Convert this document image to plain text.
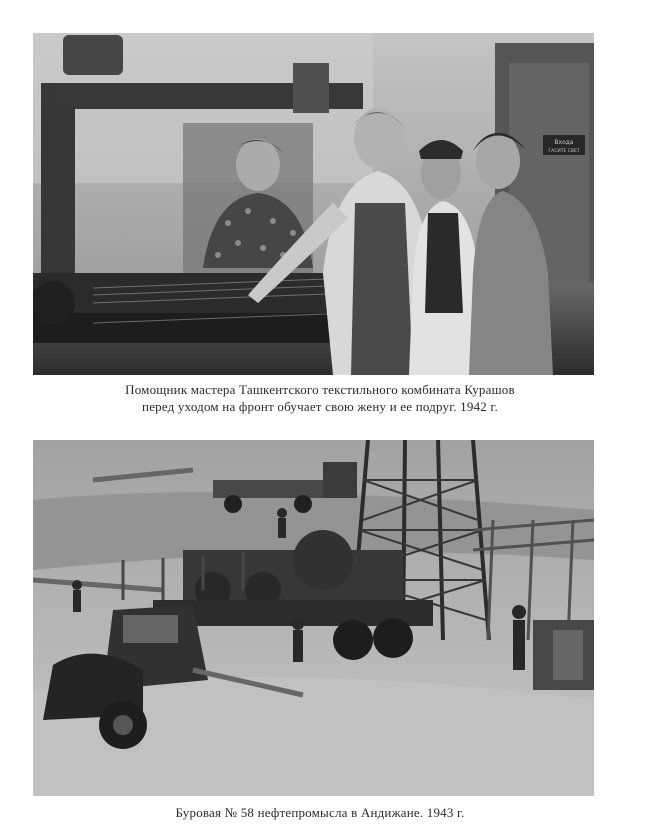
Входа
ГАСИТЕ СВЕТ
Помощник мастера Ташкентского текстильного комбината Курашов
перед уходом на фронт обучает свою жену и ее подруг. 1942 г.
Буровая № 58 нефтепромысла в Андижане. 1943 г.
